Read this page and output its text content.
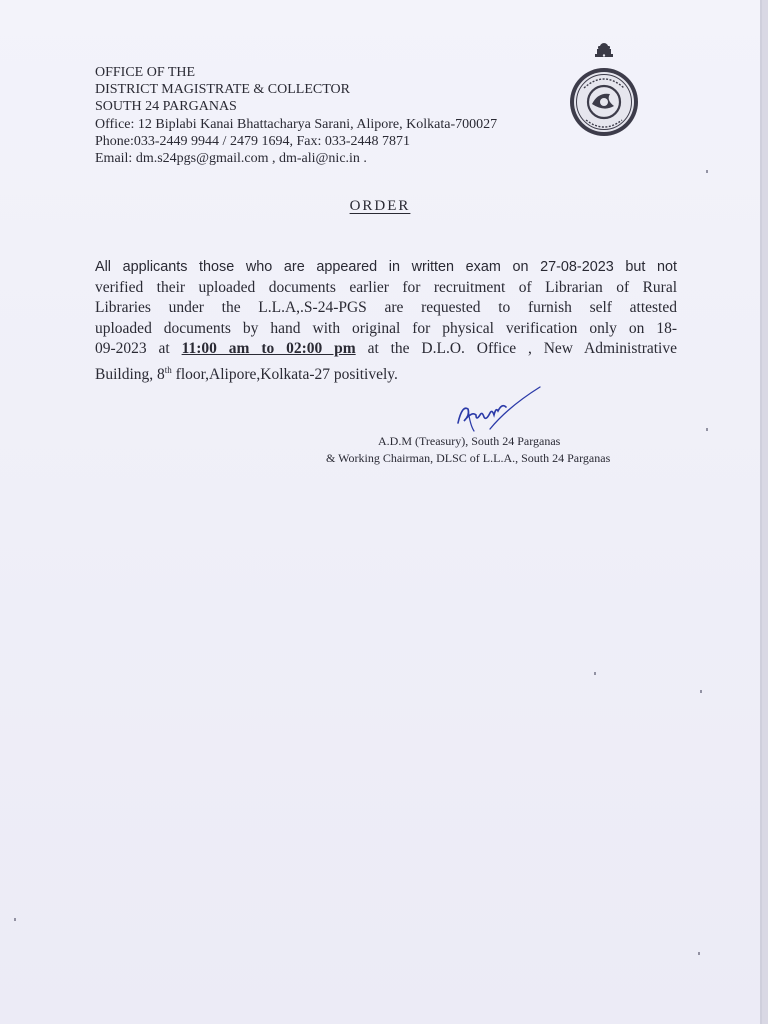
OFFICE OF THE
DISTRICT MAGISTRATE & COLLECTOR
SOUTH 24 PARGANAS
Office: 12 Biplabi Kanai Bhattacharya Sarani, Alipore, Kolkata-700027
Phone:033-2449 9944 / 2479 1694, Fax: 033-2448 7871
Email: dm.s24pgs@gmail.com , dm-ali@nic.in .
ORDER
All applicants those who are appeared in written exam on 27-08-2023 but not
verified their uploaded documents earlier for recruitment of Librarian of Rural
Libraries under the L.L.A,.S-24-PGS are requested to furnish self attested
uploaded documents by hand with original for physical verification only on 18-
09-2023 at 11:00 am to 02:00 pm at the D.L.O. Office , New Administrative
Building, 8th floor,Alipore,Kolkata-27 positively.
A.D.M (Treasury), South 24 Parganas
& Working Chairman, DLSC of L.L.A., South 24 Parganas
